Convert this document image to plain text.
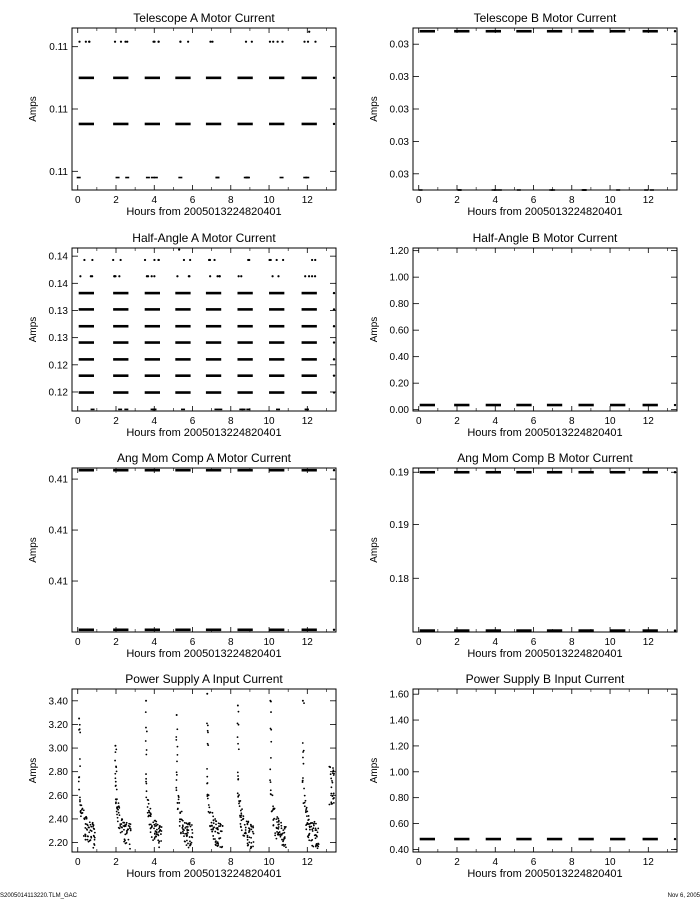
Telescope A Motor Current
0	2	4	6	8	10	12
0.11
0.11
0.11
Hours from 2005013224820401
Amps
Telescope B Motor Current
0	2	4	6	8	10	12
0.03
0.03
0.03
0.03
0.03
Hours from 2005013224820401
Amps
Half-Angle A Motor Current
0	2	4	6	8	10	12
0.12
0.12
0.13
0.13
0.14
0.14
Hours from 2005013224820401
Amps
Half-Angle B Motor Current
0	2	4	6	8	10	12
0.00
0.20
0.40
0.60
0.80
1.00
1.20
Hours from 2005013224820401
Amps
Ang Mom Comp A Motor Current
0	2	4	6	8	10	12
0.41
0.41
0.41
Hours from 2005013224820401
Amps
Ang Mom Comp B Motor Current
0	2	4	6	8	10	12
0.18
0.19
0.19
Hours from 2005013224820401
Amps
Power Supply A Input Current
0	2	4	6	8	10	12
2.20
2.40
2.60
2.80
3.00
3.20
3.40
Hours from 2005013224820401
Amps
Power Supply B Input Current
0	2	4	6	8	10	12
0.40
0.60
0.80
1.00
1.20
1.40
1.60
Hours from 2005013224820401
Amps
S2005014113220.TLM_GAC	Nov 6, 2005
